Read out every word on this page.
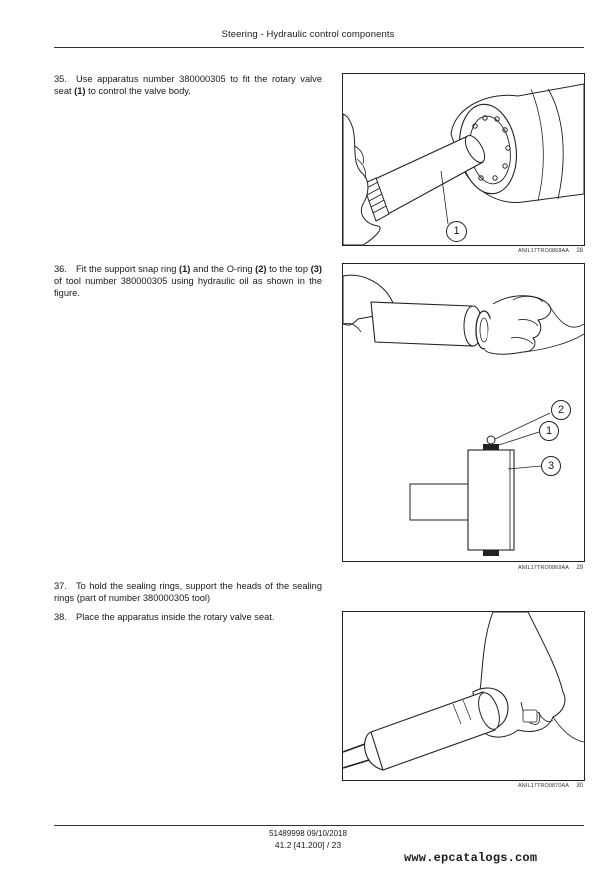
Steering - Hydraulic control components
35. Use apparatus number 380000305 to fit the rotary valve seat (1) to control the valve body.
1
ANIL17TRO0868AA 28
36. Fit the support snap ring (1) and the O-ring (2) to the top (3) of tool number 380000305 using hydraulic oil as shown in the figure.
2
1
3
ANIL17TRO0869AA 29
37. To hold the sealing rings, support the heads of the sealing rings (part of number 380000305 tool)
38. Place the apparatus inside the rotary valve seat.
ANIL17TRO0870AA 30
51489998 09/10/2018
41.2 [41.200] / 23
www.epcatalogs.com
